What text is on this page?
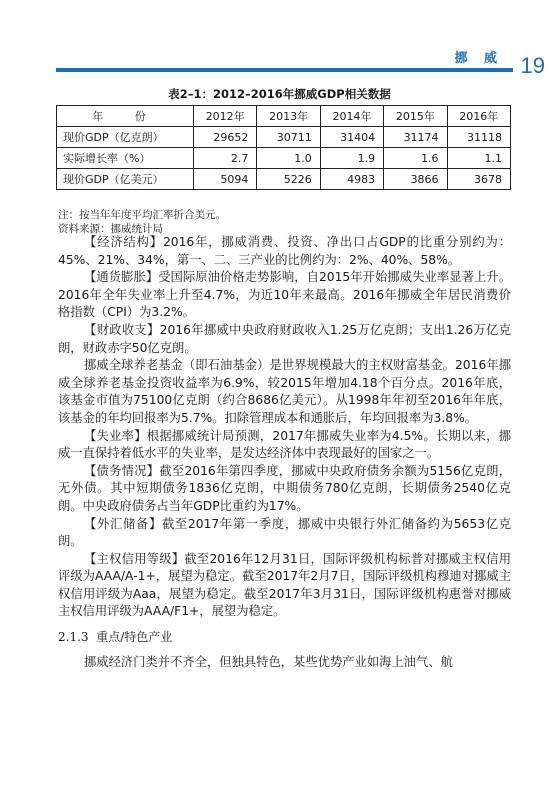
挪 威 19
表2–1：2012–2016年挪威GDP相关数据
年 份	2012年	2013年	2014年	2015年	2016年
现价GDP（亿克朗）	29652	30711	31404	31174	31118
实际增长率（%）	2.7	1.0	1.9	1.6	1.1
现价GDP（亿美元）	5094	5226	4983	3866	3678
注：按当年年度平均汇率折合美元。
资料来源：挪威统计局

【经济结构】2016年，挪威消费、投资、净出口占GDP的比重分别约为：45%、21%、34%，第一、二、三产业的比例约为：2%、40%、58%。

【通货膨胀】受国际原油价格走势影响，自2015年开始挪威失业率显著上升。2016年全年失业率上升至4.7%，为近10年来最高。2016年挪威全年居民消费价格指数（CPI）为3.2%。

【财政收支】2016年挪威中央政府财政收入1.25万亿克朗；支出1.26万亿克朗，财政赤字50亿克朗。

挪威全球养老基金（即石油基金）是世界规模最大的主权财富基金。2016年挪威全球养老基金投资收益率为6.9%，较2015年增加4.18个百分点。2016年底，该基金市值为75100亿克朗（约合8686亿美元）。从1998年年初至2016年年底，该基金的年均回报率为5.7%。扣除管理成本和通胀后，年均回报率为3.8%。

【失业率】根据挪威统计局预测，2017年挪威失业率为4.5%。长期以来，挪威一直保持着低水平的失业率，是发达经济体中表现最好的国家之一。

【债务情况】截至2016年第四季度，挪威中央政府债务余额为5156亿克朗，无外债。其中短期债务1836亿克朗，中期债务780亿克朗，长期债务2540亿克朗。中央政府债务占当年GDP比重约为17%。

【外汇储备】截至2017年第一季度，挪威中央银行外汇储备约为5653亿克朗。

【主权信用等级】截至2016年12月31日，国际评级机构标普对挪威主权信用评级为AAA/A-1+，展望为稳定。截至2017年2月7日，国际评级机构穆迪对挪威主权信用评级为Aaa，展望为稳定。截至2017年3月31日，国际评级机构惠誉对挪威主权信用评级为AAA/F1+，展望为稳定。

2.1.3 重点/特色产业

挪威经济门类并不齐全，但独具特色，某些优势产业如海上油气、航
